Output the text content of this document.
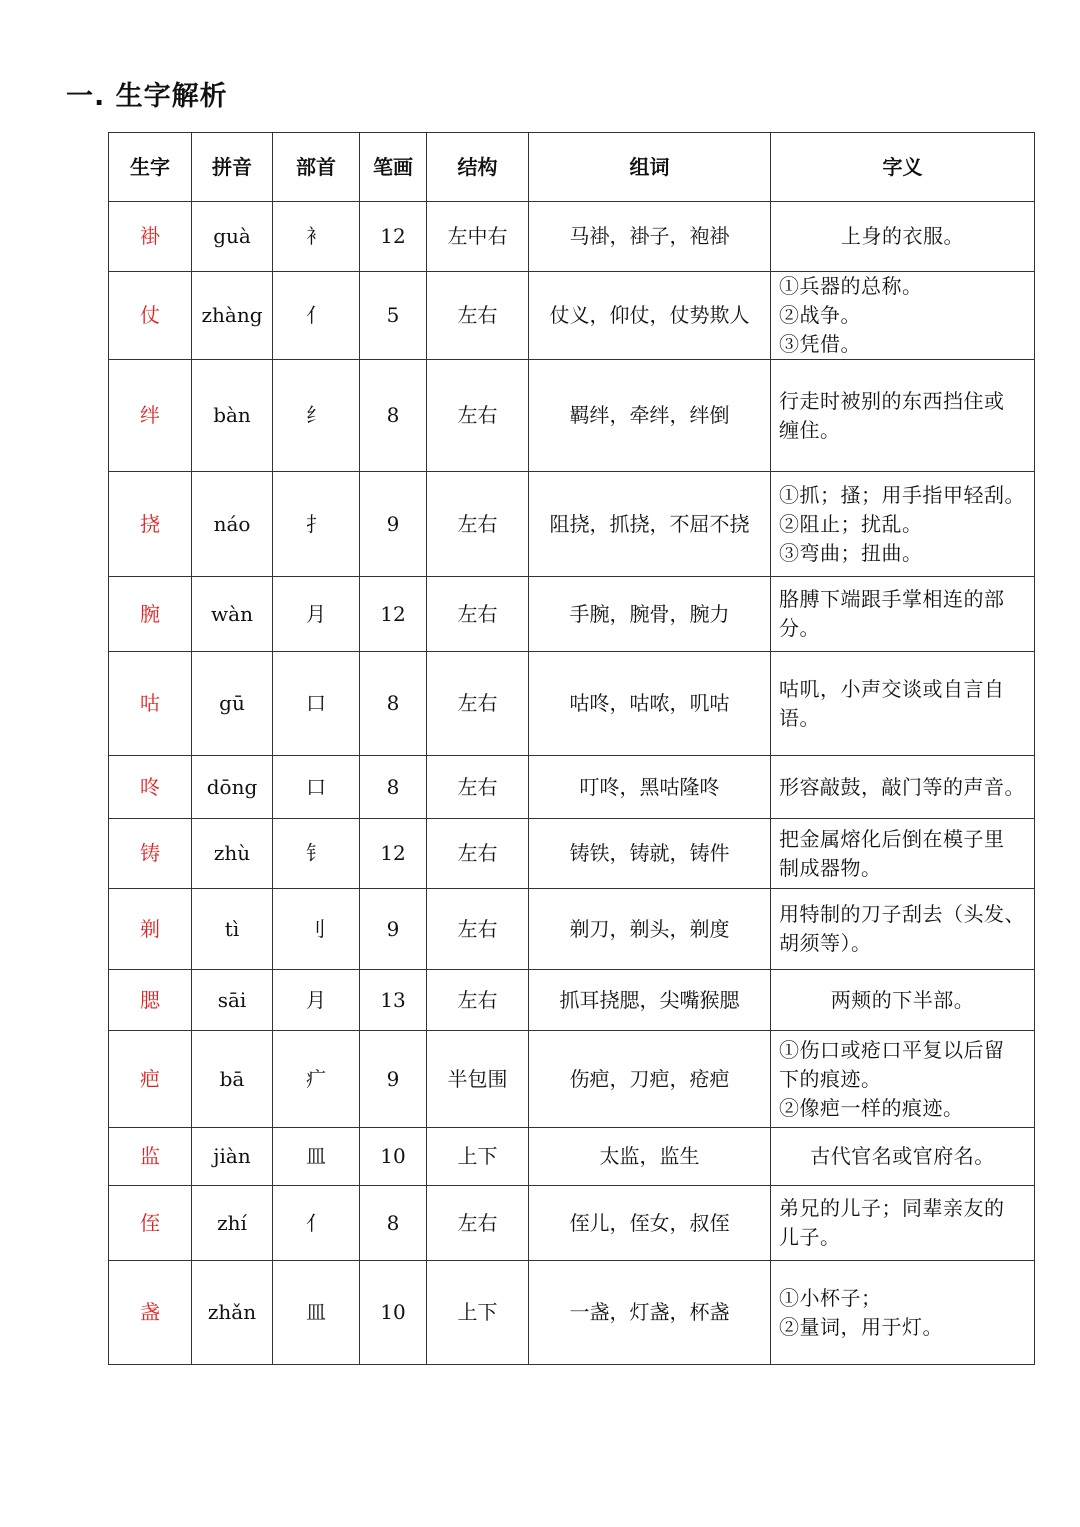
一. 生字解析
生字	拼音	部首	笔画	结构	组词	字义
褂	guà	衤	12	左中右	马褂，褂子，袍褂	上身的衣服。

仗	zhàng	亻	5	左右	仗义，仰仗，仗势欺人	①兵器的总称。
②战争。
③凭借。

绊	bàn	纟	8	左右	羁绊，牵绊，绊倒	行走时被别的东西挡住或
缠住。

挠	náo	扌	9	左右	阻挠，抓挠，不屈不挠	①抓；搔；用手指甲轻刮。
②阻止；扰乱。
③弯曲；扭曲。

腕	wàn	月	12	左右	手腕，腕骨，腕力	胳膊下端跟手掌相连的部
分。

咕	gū	口	8	左右	咕咚，咕哝，叽咕	咕叽，小声交谈或自言自
语。

咚	dōng	口	8	左右	叮咚，黑咕隆咚	形容敲鼓，敲门等的声音。

铸	zhù	钅	12	左右	铸铁，铸就，铸件	把金属熔化后倒在模子里
制成器物。

剃	tì	刂	9	左右	剃刀，剃头，剃度	用特制的刀子刮去（头发、
胡须等）。

腮	sāi	月	13	左右	抓耳挠腮，尖嘴猴腮	两颊的下半部。

疤	bā	疒	9	半包围	伤疤，刀疤，疮疤	①伤口或疮口平复以后留
下的痕迹。
②像疤一样的痕迹。

监	jiàn	皿	10	上下	太监，监生	古代官名或官府名。

侄	zhí	亻	8	左右	侄儿，侄女，叔侄	弟兄的儿子；同辈亲友的
儿子。

盏	zhǎn	皿	10	上下	一盏，灯盏，杯盏	①小杯子；
②量词，用于灯。
